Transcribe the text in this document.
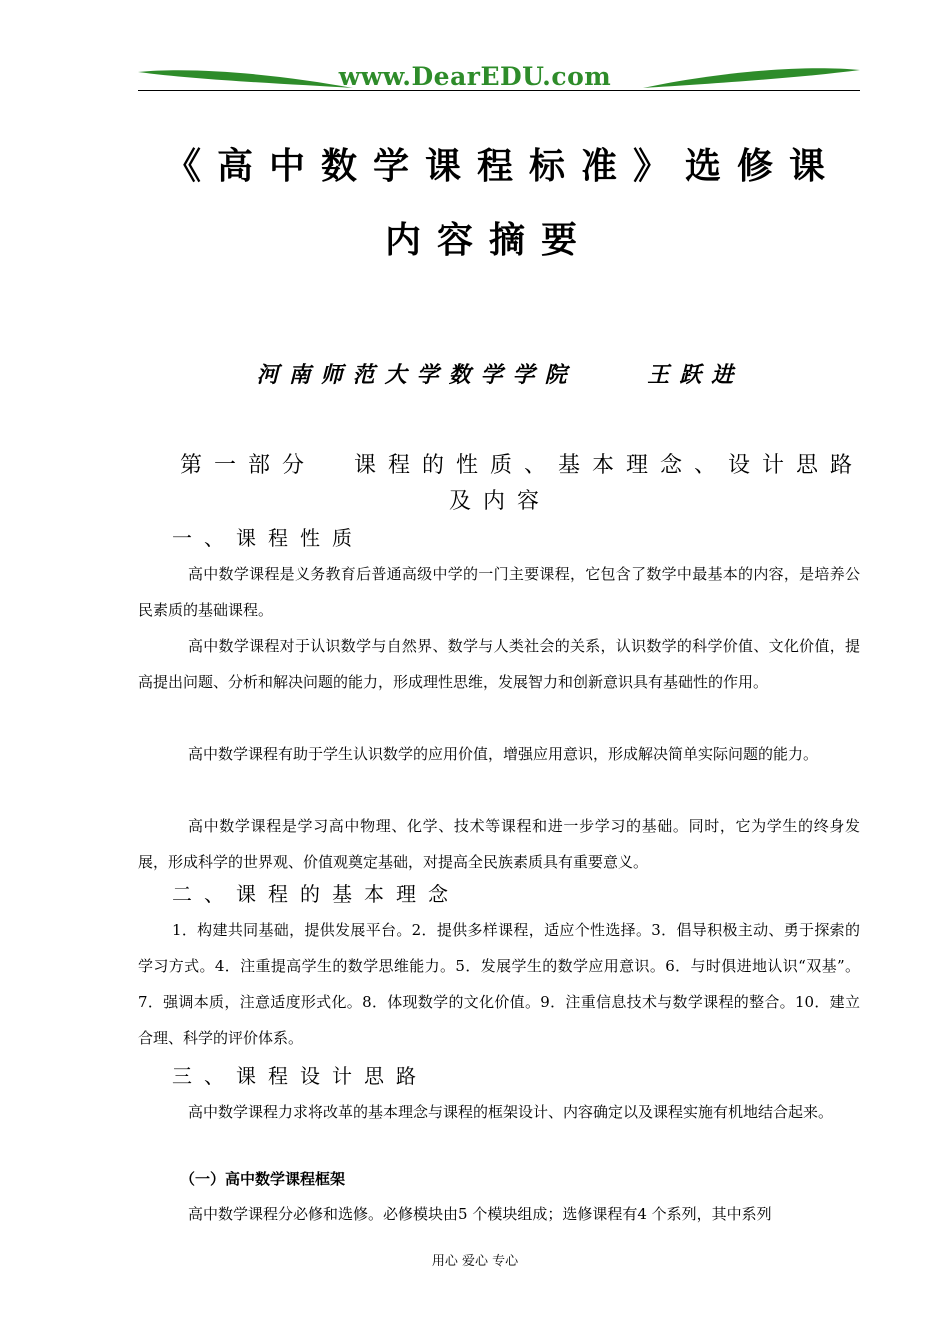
www.DearEDU.com
《高中数学课程标准》选修课
内容摘要
河南师范大学数学学院    王跃进
第一部分  课程的性质、基本理念、设计思路
及内容
一、课程性质
高中数学课程是义务教育后普通高级中学的一门主要课程，它包含了数学中最基本的内容，是培养公民素质的基础课程。
高中数学课程对于认识数学与自然界、数学与人类社会的关系，认识数学的科学价值、文化价值，提高提出问题、分析和解决问题的能力，形成理性思维，发展智力和创新意识具有基础性的作用。
高中数学课程有助于学生认识数学的应用价值，增强应用意识，形成解决简单实际问题的能力。
高中数学课程是学习高中物理、化学、技术等课程和进一步学习的基础。同时，它为学生的终身发展，形成科学的世界观、价值观奠定基础，对提高全民族素质具有重要意义。
二、课程的基本理念
1．构建共同基础，提供发展平台。2．提供多样课程，适应个性选择。3．倡导积极主动、勇于探索的学习方式。4．注重提高学生的数学思维能力。5．发展学生的数学应用意识。6．与时俱进地认识“双基”。 7．强调本质，注意适度形式化。8．体现数学的文化价值。9．注重信息技术与数学课程的整合。10．建立合理、科学的评价体系。
三、课程设计思路
高中数学课程力求将改革的基本理念与课程的框架设计、内容确定以及课程实施有机地结合起来。
（一）高中数学课程框架
高中数学课程分必修和选修。必修模块由5 个模块组成；选修课程有4 个系列，其中系列
用心 爱心 专心
